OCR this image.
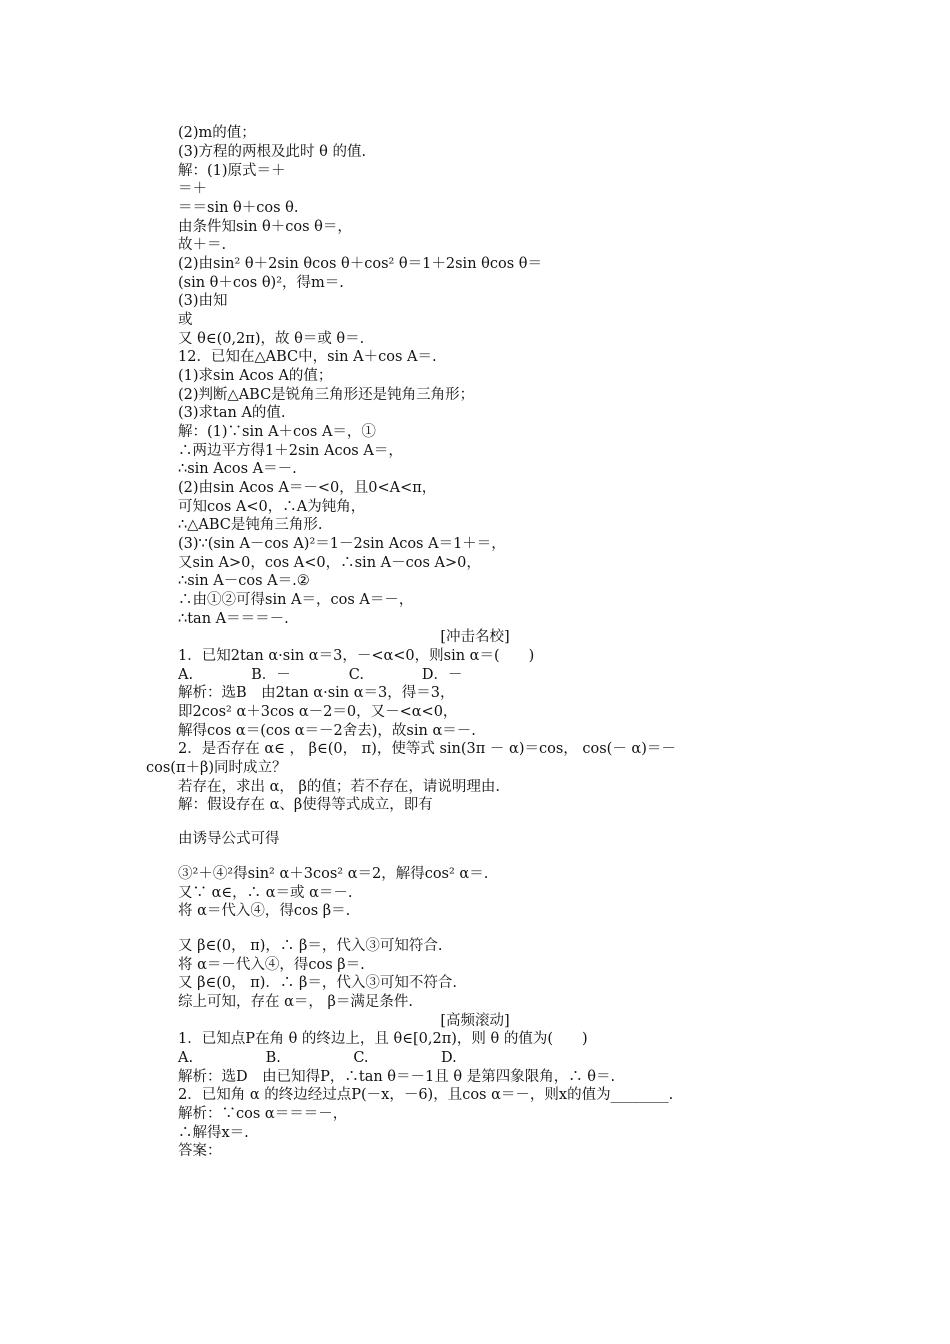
(2)m的值；
(3)方程的两根及此时 θ 的值.
解：(1)原式＝＋
＝＋
＝＝sin θ＋cos θ.
由条件知sin θ＋cos θ＝，
故＋＝.
(2)由sin² θ＋2sin θcos θ＋cos² θ＝1＋2sin θcos θ＝
(sin θ＋cos θ)²，得m＝.
(3)由知
或
又 θ∈(0,2π)，故 θ＝或 θ＝.
12．已知在△ABC中，sin A＋cos A＝.
(1)求sin Acos A的值；
(2)判断△ABC是锐角三角形还是钝角三角形；
(3)求tan A的值.
解：(1)∵sin A＋cos A＝，①
∴两边平方得1＋2sin Acos A＝，
∴sin Acos A＝－.
(2)由sin Acos A＝－<0，且0<A<π，
可知cos A<0，∴A为钝角，
∴△ABC是钝角三角形.
(3)∵(sin A－cos A)²＝1－2sin Acos A＝1＋＝，
又sin A>0，cos A<0，∴sin A－cos A>0，
∴sin A－cos A＝.②
∴由①②可得sin A＝，cos A＝－，
∴tan A＝＝＝－.
[冲击名校]
1．已知2tan α·sin α＝3，－<α<0，则sin α＝(　　)
A.　　　　B．－　　　　C.　　　　D．－
解析：选B　由2tan α·sin α＝3，得＝3，
即2cos² α＋3cos α－2＝0，又－<α<0，
解得cos α＝(cos α＝－2舍去)，故sin α＝－.
2．是否存在 α∈ ， β∈(0， π)，使等式 sin(3π － α)＝cos， cos(－ α)＝－
cos(π＋β)同时成立？
若存在，求出 α， β的值；若不存在，请说明理由.
解：假设存在 α、β使得等式成立，即有
由诱导公式可得
③²＋④²得sin² α＋3cos² α＝2，解得cos² α＝.
又∵ α∈，∴ α＝或 α＝－.
将 α＝代入④，得cos β＝.
又 β∈(0， π)，∴ β＝，代入③可知符合.
将 α＝－代入④，得cos β＝.
又 β∈(0， π)．∴ β＝，代入③可知不符合.
综上可知，存在 α＝， β＝满足条件.
[高频滚动]
1．已知点P在角 θ 的终边上，且 θ∈[0,2π)，则 θ 的值为(　　)
A.　　　　　B.　　　　　C.　　　　　D.
解析：选D　由已知得P，∴tan θ＝－1且 θ 是第四象限角，∴ θ＝.
2．已知角 α 的终边经过点P(－x，－6)，且cos α＝－，则x的值为________.
解析：∵cos α＝＝＝－，
∴解得x＝.
答案：
